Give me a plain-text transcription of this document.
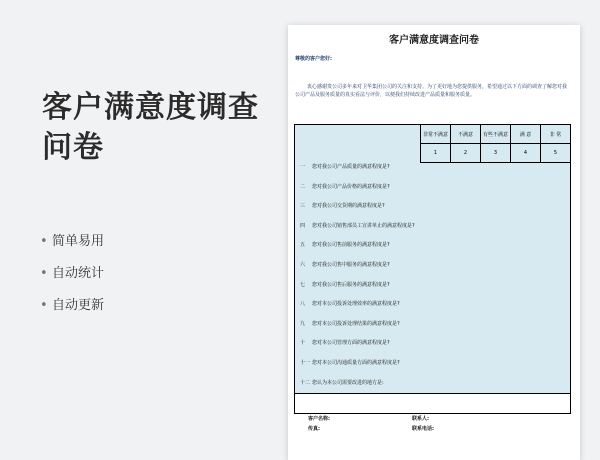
客户满意度调查问卷
• 简单易用
• 自动统计
• 自动更新
客户满意度调查问卷
尊敬的客户您好:
衷心感谢贵公司多年来对卫华集团公司的关注和支持。为了更好地为您提供服务，希望通过以下方面的调查了解您对我公司产品及服务质量的真实看法与评价，以便我们持续改进产品质量和服务质量。
非常不满意	不满意	有些不满意	满 意	非 常
1	2	3	4	5
一	您对我公司产品质量的满意程度是?
二	您对我公司产品价格的满意程度是?
三	您对我公司交货期的满意程度是?
四	您对我公司销售部员工宣讲单止的满意程度是?
五	您对我公司售前服务的满意程度是?
六	您对我公司售中服务的满意程度是?
七	您对我公司售后服务的满意程度是?
八	您对本公司投诉处理效率的满意程度是?
九	您对本公司投诉处理结果的满意程度是?
十	您对本公司管理方面的满意程度是?
十一 您对本公司沟通质量方面的满意程度是?
十二 您认为本公司需要改进的地方是:
客户名称:	联系人:
传真:	联系电话:
